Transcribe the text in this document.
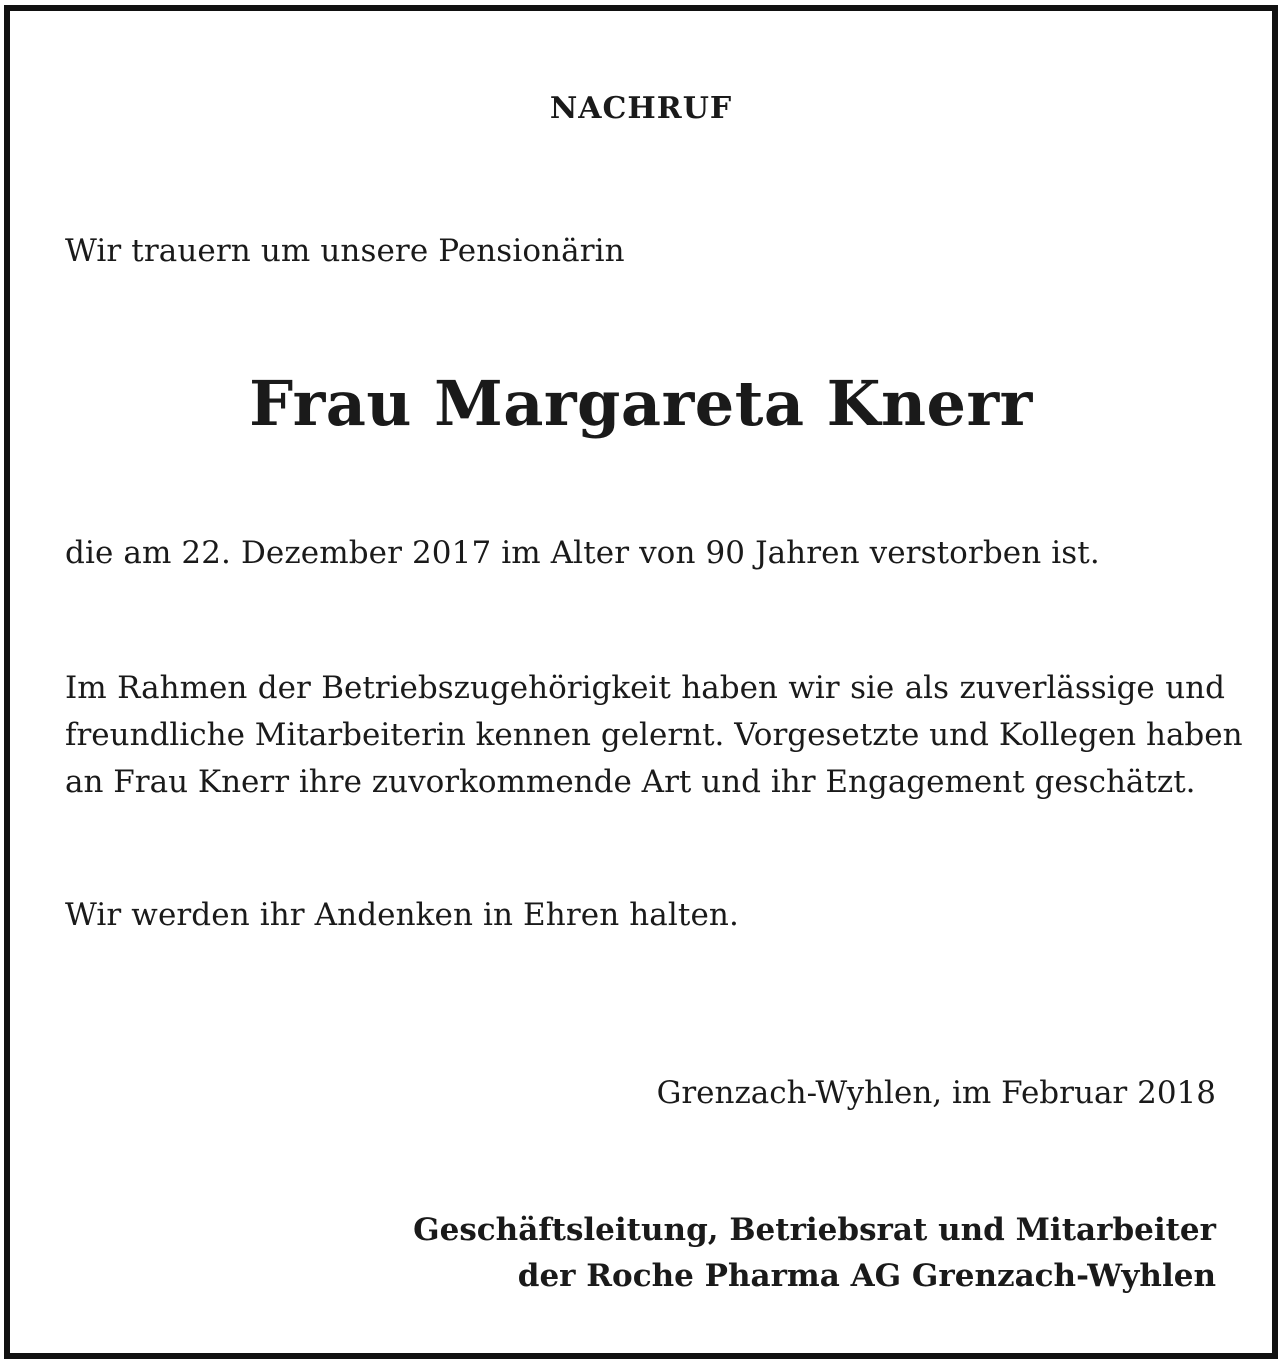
NACHRUF
Wir trauern um unsere Pensionärin
Frau Margareta Knerr
die am 22. Dezember 2017 im Alter von 90 Jahren verstorben ist.
Im Rahmen der Betriebszugehörigkeit haben wir sie als zuverlässige und
freundliche Mitarbeiterin kennen gelernt. Vorgesetzte und Kollegen haben
an Frau Knerr ihre zuvorkommende Art und ihr Engagement geschätzt.
Wir werden ihr Andenken in Ehren halten.
Grenzach-Wyhlen, im Februar 2018
Geschäftsleitung, Betriebsrat und Mitarbeiter
der Roche Pharma AG Grenzach-Wyhlen
